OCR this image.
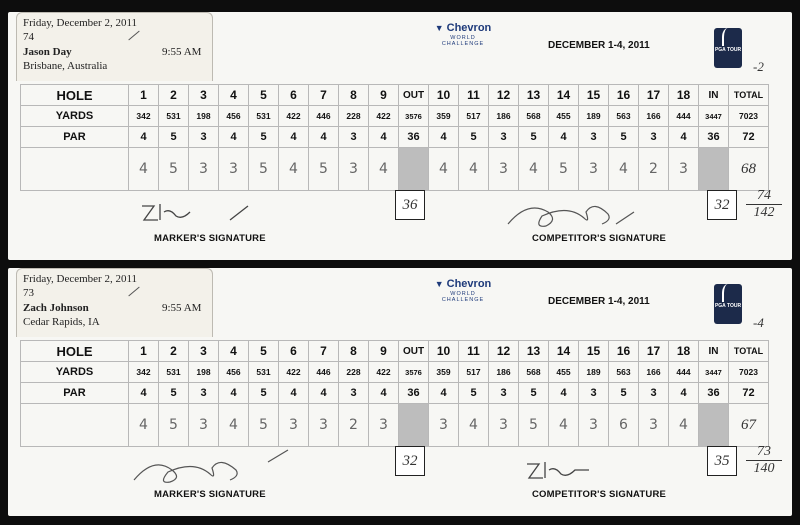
Friday, December 2, 2011
74
Jason Day	9:55 AM
Brisbane, Australia
▼ Chevron
WORLD CHALLENGE	DECEMBER 1-4, 2011	PGA TOUR
-2
HOLE	1	2	3	4	5	6	7	8	9	OUT	10	11	12	13	14	15	16	17	18	IN	TOTAL
YARDS	342	531	198	456	531	422	446	228	422	3576	359	517	186	568	455	189	563	166	444	3447	7023
PAR	4	5	3	4	5	4	4	3	4	36	4	5	3	5	4	3	5	3	4	36	72
	4	5	3	3	5	4	5	3	4		4	4	3	4	5	3	4	2	3		68
36	32
74
142
MARKER'S SIGNATURE	COMPETITOR'S SIGNATURE
Friday, December 2, 2011
73
Zach Johnson	9:55 AM
Cedar Rapids, IA
▼ Chevron
WORLD CHALLENGE	DECEMBER 1-4, 2011	PGA TOUR
-4
HOLE	1	2	3	4	5	6	7	8	9	OUT	10	11	12	13	14	15	16	17	18	IN	TOTAL
YARDS	342	531	198	456	531	422	446	228	422	3576	359	517	186	568	455	189	563	166	444	3447	7023
PAR	4	5	3	4	5	4	4	3	4	36	4	5	3	5	4	3	5	3	4	36	72
	4	5	3	4	5	3	3	2	3		3	4	3	5	4	3	6	3	4		67
32	35
73
140
MARKER'S SIGNATURE	COMPETITOR'S SIGNATURE
